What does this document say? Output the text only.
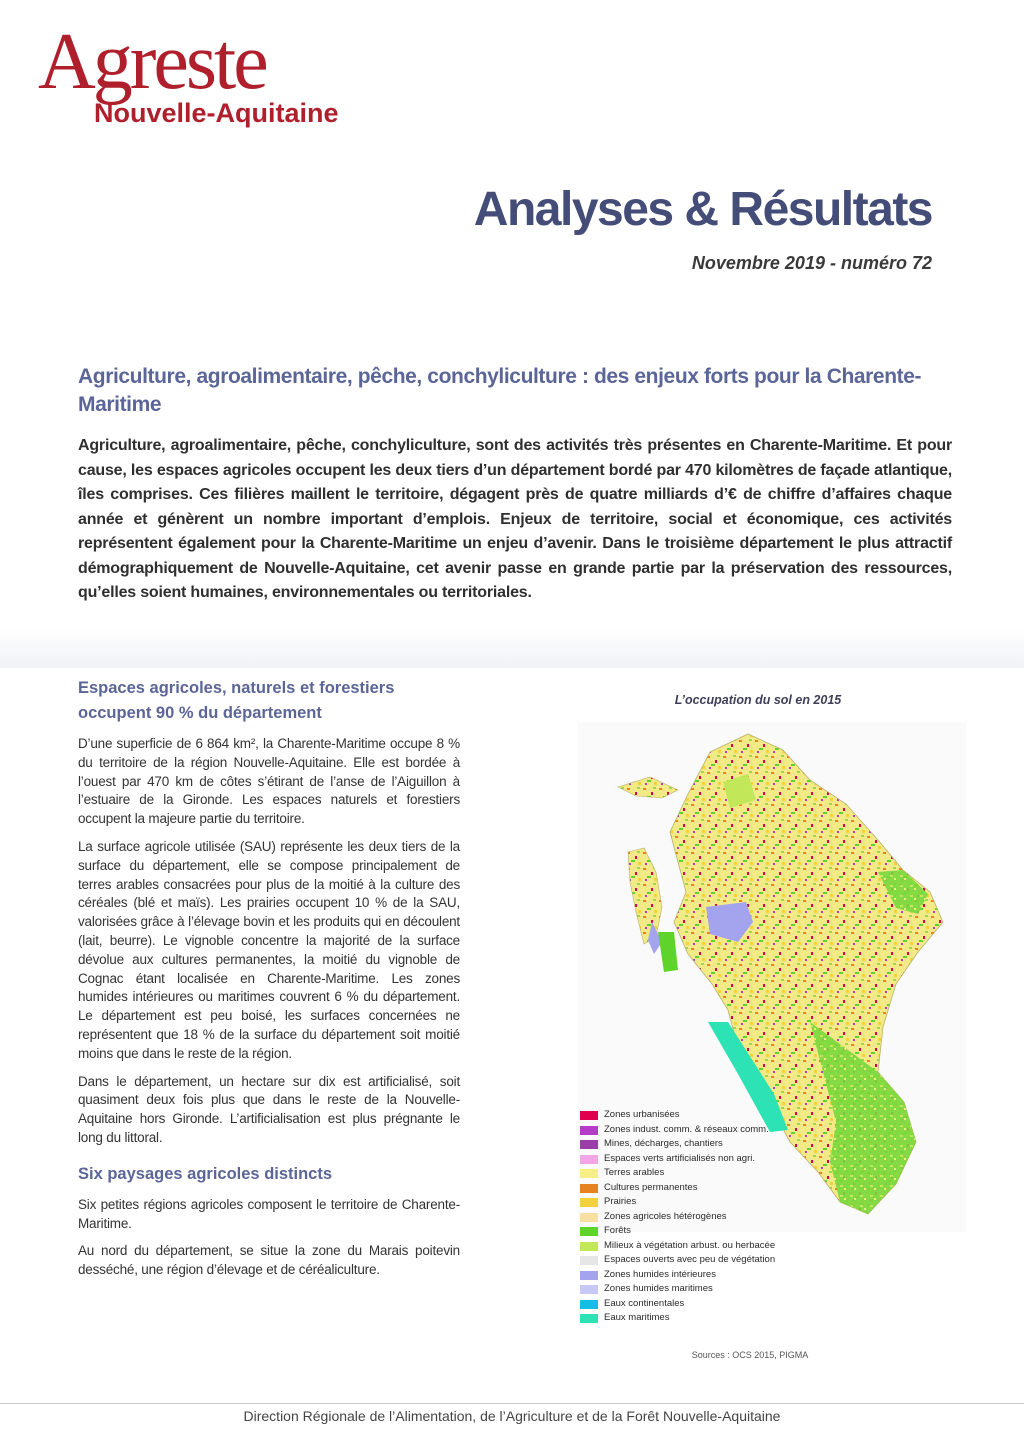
Agreste
Nouvelle-Aquitaine
Analyses & Résultats
Novembre 2019 - numéro 72
Agriculture, agroalimentaire, pêche, conchyliculture : des enjeux forts pour la Charente-Maritime

Agriculture, agroalimentaire, pêche, conchyliculture, sont des activités très présentes en Charente-Maritime. Et pour cause, les espaces agricoles occupent les deux tiers d’un département bordé par 470 kilomètres de façade atlantique, îles comprises. Ces filières maillent le territoire, dégagent près de quatre milliards d’€ de chiffre d’affaires chaque année et génèrent un nombre important d’emplois. Enjeux de territoire, social et économique, ces activités représentent également pour la Charente-Maritime un enjeu d’avenir. Dans le troisième département le plus attractif démographiquement de Nouvelle-Aquitaine, cet avenir passe en grande partie par la préservation des ressources, qu’elles soient humaines, environnementales ou territoriales.

Espaces agricoles, naturels et forestiers occupent 90 % du département

D’une superficie de 6 864 km², la Charente-Maritime occupe 8 % du territoire de la région Nouvelle-Aquitaine. Elle est bordée à l’ouest par 470 km de côtes s’étirant de l’anse de l’Aiguillon à l’estuaire de la Gironde. Les espaces naturels et forestiers occupent la majeure partie du territoire.

La surface agricole utilisée (SAU) représente les deux tiers de la surface du département, elle se compose principalement de terres arables consacrées pour plus de la moitié à la culture des céréales (blé et maïs). Les prairies occupent 10 % de la SAU, valorisées grâce à l’élevage bovin et les produits qui en découlent (lait, beurre). Le vignoble concentre la majorité de la surface dévolue aux cultures permanentes, la moitié du vignoble de Cognac étant localisée en Charente-Maritime. Les zones humides intérieures ou maritimes couvrent 6 % du département. Le département est peu boisé, les surfaces concernées ne représentent que 18 % de la surface du département soit moitié moins que dans le reste de la région.

Dans le département, un hectare sur dix est artificialisé, soit quasiment deux fois plus que dans le reste de la Nouvelle-Aquitaine hors Gironde. L’artificialisation est plus prégnante le long du littoral.

Six paysages agricoles distincts

Six petites régions agricoles composent le territoire de Charente-Maritime.

Au nord du département, se situe la zone du Marais poitevin desséché, une région d’élevage et de céréaliculture.

L’occupation du sol en 2015
Zones urbanisées
Zones indust. comm. & réseaux comm.
Mines, décharges, chantiers
Espaces verts artificialisés non agri.
Terres arables
Cultures permanentes
Prairies
Zones agricoles hétérogènes
Forêts
Milieux à végétation arbust. ou herbacée
Espaces ouverts avec peu de végétation
Zones humides intérieures
Zones humides maritimes
Eaux continentales
Eaux maritimes
Sources : OCS 2015, PIGMA
Direction Régionale de l’Alimentation, de l’Agriculture et de la Forêt Nouvelle-Aquitaine
